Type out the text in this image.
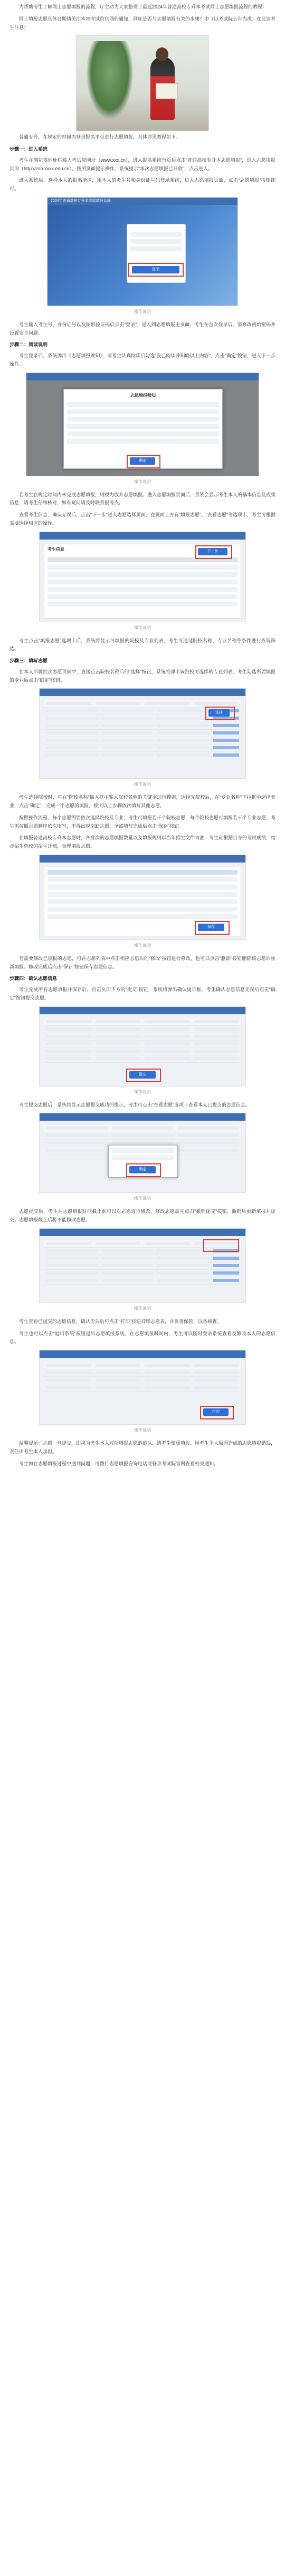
为帮助考生了解网上志愿填报的流程，厅主动为大家整理了最近2024年普通高校专升本考试网上志愿填报流程的教程：

网上填报志愿具体日期请关注本省考试院官网的通知，网址是否与志愿填报有关的步骤？中（以考试院公告为准）在此请考生注意：

普通专升，在规定的时间内登录报名平台进行志愿填报，具体详见教程如下。

步骤一：进入系统

考生在浏览器地址栏输入考试院网址（www.xxx.cn），进入报名系统首页后点击“普通高校专升本志愿填报”，进入志愿填报页面（http://zsb.xxxx.edu.cn），按照页面提示操作，系统提示“本次志愿填报已开放”，点击进入。

进入系统后，选择本人的报名地区，用本人的考生号和身份证号码登录系统，进入志愿填报页面，点击“志愿填报”按钮即可。

2024年普通高校专升本志愿填报系统
登录
操作说明

考生输入考生号、身份证号以及图形验证码后点击“登录”，进入到志愿填报主页面，考生在首次登录后，需修改初始密码并设置安全问题。

步骤二：阅读说明

考生登录后，系统弹出《志愿填报须知》，请考生认真阅读后勾选“我已阅读并知晓以上内容”，点击“确定”按钮，进入下一步操作。

志愿填报须知
确定
操作说明

若考生在规定时间内未完成志愿填报，则视为放弃志愿填报。进入志愿填报页面后，系统会显示考生本人的基本信息及成绩信息，请考生仔细核对，如有疑问请及时联系报考点。

查看考生信息，确认无误后，点击“下一步”进入志愿选择页面，在页面上方有“填报志愿”、“查看志愿”等选项卡，考生可根据需要选择相应的操作。

考生信息	下一步
操作说明

考生点击“填报志愿”选项卡后，系统将显示可填报的院校及专业列表，考生可通过院校名称、专业名称等条件进行查询筛选。

步骤三：填写志愿

在本人所属批次志愿页面中，直接点击院校名称后的“选择”按钮，系统将弹出该院校可选择的专业列表，考生勾选所要填报的专业后点击“确定”按钮。

选择
操作说明

考生选择院校时，可在“院校名称”输入框中输入院校名称的关键字进行搜索，选择完院校后，在“专业名称”下拉框中选择专业，点击“确定”，完成一个志愿的填报，按照以上步骤依次填写其他志愿。

按照操作流程，每个志愿需要依次选择院校及专业，考生可填报若干个院校志愿，每个院校志愿可填报若干个专业志愿，考生需按照志愿顺序依次填写，不得出现空缺志愿，全部填写完成后点击“保存”按钮。

在填报普通高校专升本志愿时，各批次的志愿填报数量以及填报规则以当年招生文件为准，考生应根据自身的考试成绩，结合招生院校的招生计划，合理填报志愿。

保存
操作说明

若需要修改已填报的志愿，可在志愿列表中点击相应志愿后的“修改”按钮进行修改，也可以点击“删除”按钮删除该志愿后重新填报。修改完成后点击“保存”按钮保存志愿信息。

步骤四：确认志愿信息

考生完成所有志愿填报并保存后，点击页面下方的“提交”按钮，系统将弹出确认提示框，考生确认志愿信息无误后点击“确定”按钮提交志愿。

提交
操作说明

考生提交志愿后，系统将显示志愿提交成功的提示，考生可点击“查看志愿”选项卡查看本人已提交的志愿信息。

确定
操作说明

志愿提交后，考生在志愿填报时间截止前可以对志愿进行修改，修改志愿需先点击“撤销提交”按钮，撤销后重新填报并提交。志愿填报截止后将不能修改志愿。

操作说明

考生查看已提交的志愿信息，确认无误后可点击“打印”按钮打印志愿表，并妥善保管，以备核查。

考生也可以点击“退出系统”按钮退出志愿填报系统，在志愿填报时间内，考生可以随时登录系统查看及修改本人的志愿信息。

打印
操作说明

温馨提示：志愿一旦提交，即视为考生本人对所填报志愿的确认，请考生慎重填报。因考生个人原因造成的志愿填报错误，责任由考生本人承担。

考生如在志愿填报过程中遇到问题，可拨打志愿填报咨询电话或登录考试院官网查看相关通知。
